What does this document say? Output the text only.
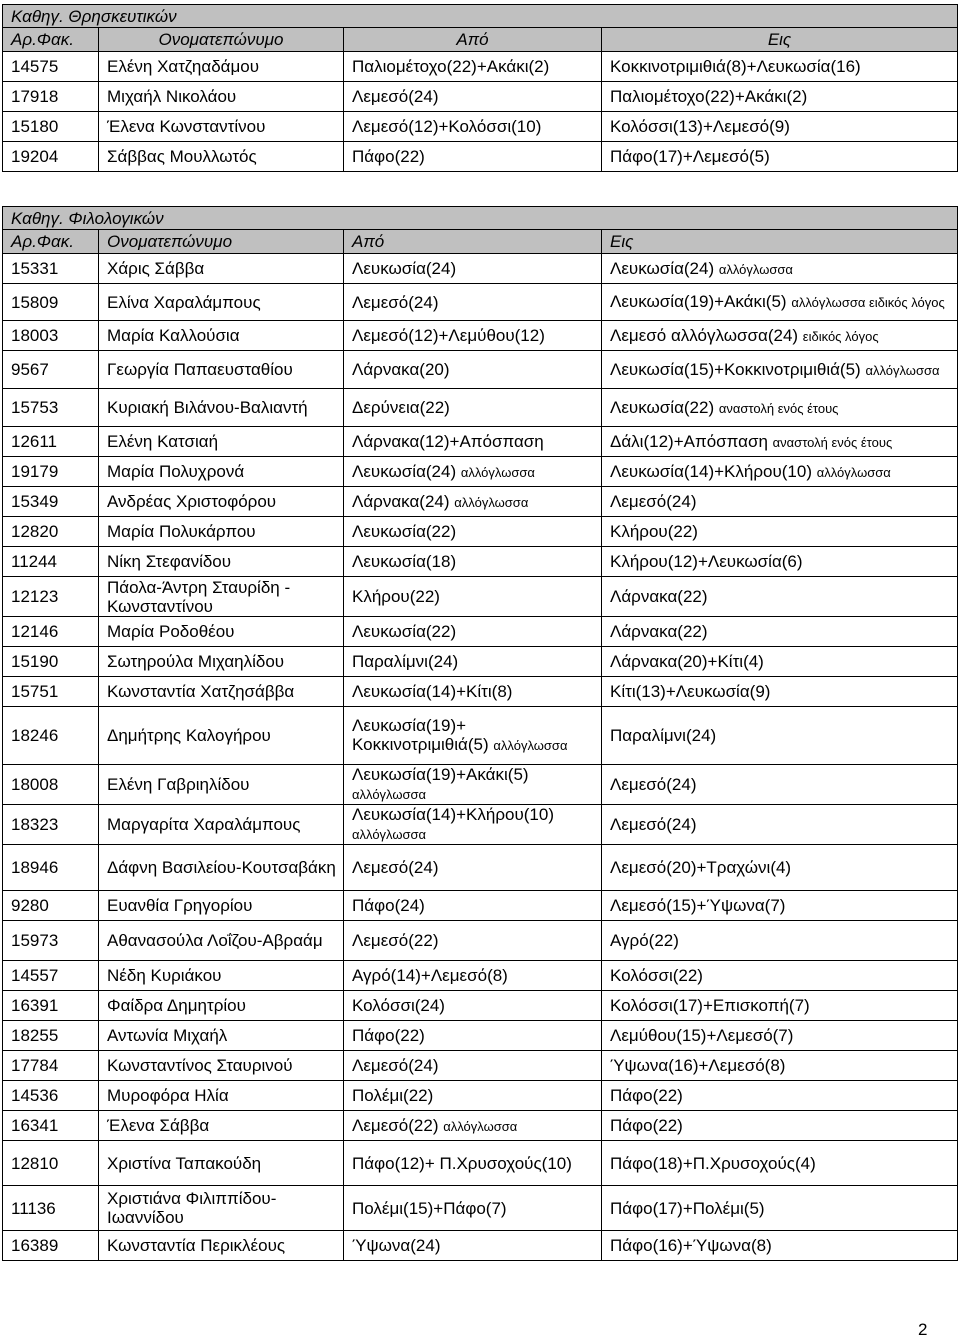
Καθηγ. Θρησκευτικών			
Αρ.Φακ.	Ονοματεπώνυμο	Από	Εις
14575	Ελένη Χατζηαδάμου	Παλιομέτοχο(22)+Ακάκι(2)	Κοκκινοτριμιθιά(8)+Λευκωσία(16)
17918	Μιχαήλ Νικολάου	Λεμεσό(24)	Παλιομέτοχο(22)+Ακάκι(2)
15180	Έλενα Κωνσταντίνου	Λεμεσό(12)+Κολόσσι(10)	Κολόσσι(13)+Λεμεσό(9)
19204	Σάββας Μουλλωτός	Πάφο(22)	Πάφο(17)+Λεμεσό(5)
Καθηγ. Φιλολογικών			
Αρ.Φακ.	Ονοματεπώνυμο	Από	Εις
15331	Χάρις Σάββα	Λευκωσία(24)	Λευκωσία(24) αλλόγλωσσα
15809	Ελίνα Χαραλάμπους	Λεμεσό(24)	Λευκωσία(19)+Ακάκι(5) αλλόγλωσσα ειδικός λόγος
18003	Μαρία Καλλούσια	Λεμεσό(12)+Λεμύθου(12)	Λεμεσό αλλόγλωσσα(24) ειδικός λόγος
9567	Γεωργία Παπαευσταθίου	Λάρνακα(20)	Λευκωσία(15)+Κοκκινοτριμιθιά(5) αλλόγλωσσα
15753	Κυριακή Βιλάνου-Βαλιαντή	Δερύνεια(22)	Λευκωσία(22) αναστολή ενός έτους
12611	Ελένη Κατσιαή	Λάρνακα(12)+Απόσπαση	Δάλι(12)+Απόσπαση αναστολή ενός έτους
19179	Μαρία Πολυχρονά	Λευκωσία(24) αλλόγλωσσα	Λευκωσία(14)+Κλήρου(10) αλλόγλωσσα
15349	Ανδρέας Χριστοφόρου	Λάρνακα(24) αλλόγλωσσα	Λεμεσό(24)
12820	Μαρία Πολυκάρπου	Λευκωσία(22)	Κλήρου(22)
11244	Νίκη Στεφανίδου	Λευκωσία(18)	Κλήρου(12)+Λευκωσία(6)
12123	Πάολα-Άντρη Σταυρίδη - Κωνσταντίνου	Κλήρου(22)	Λάρνακα(22)
12146	Μαρία Ροδοθέου	Λευκωσία(22)	Λάρνακα(22)
15190	Σωτηρούλα Μιχαηλίδου	Παραλίμνι(24)	Λάρνακα(20)+Κίτι(4)
15751	Κωνσταντία Χατζησάββα	Λευκωσία(14)+Κίτι(8)	Κίτι(13)+Λευκωσία(9)
18246	Δημήτρης Καλογήρου	Λευκωσία(19)+ Κοκκινοτριμιθιά(5) αλλόγλωσσα	Παραλίμνι(24)
18008	Ελένη Γαβριηλίδου	Λευκωσία(19)+Ακάκι(5) αλλόγλωσσα	Λεμεσό(24)
18323	Μαργαρίτα Χαραλάμπους	Λευκωσία(14)+Κλήρου(10) αλλόγλωσσα	Λεμεσό(24)
18946	Δάφνη Βασιλείου-Κουτσαβάκη	Λεμεσό(24)	Λεμεσό(20)+Τραχώνι(4)
9280	Ευανθία Γρηγορίου	Πάφο(24)	Λεμεσό(15)+Ύψωνα(7)
15973	Αθανασούλα Λοΐζου-Αβραάμ	Λεμεσό(22)	Αγρό(22)
14557	Νέδη Κυριάκου	Αγρό(14)+Λεμεσό(8)	Κολόσσι(22)
16391	Φαίδρα Δημητρίου	Κολόσσι(24)	Κολόσσι(17)+Επισκοπή(7)
18255	Αντωνία Μιχαήλ	Πάφο(22)	Λεμύθου(15)+Λεμεσό(7)
17784	Κωνσταντίνος Σταυρινού	Λεμεσό(24)	Ύψωνα(16)+Λεμεσό(8)
14536	Μυροφόρα Ηλία	Πολέμι(22)	Πάφο(22)
16341	Έλενα Σάββα	Λεμεσό(22) αλλόγλωσσα	Πάφο(22)
12810	Χριστίνα Ταπακούδη	Πάφο(12)+ Π.Χρυσοχούς(10)	Πάφο(18)+Π.Χρυσοχούς(4)
11136	Χριστιάνα Φιλιππίδου-Ιωαννίδου	Πολέμι(15)+Πάφο(7)	Πάφο(17)+Πολέμι(5)
16389	Κωνσταντία Περικλέους	Ύψωνα(24)	Πάφο(16)+Ύψωνα(8)
2
